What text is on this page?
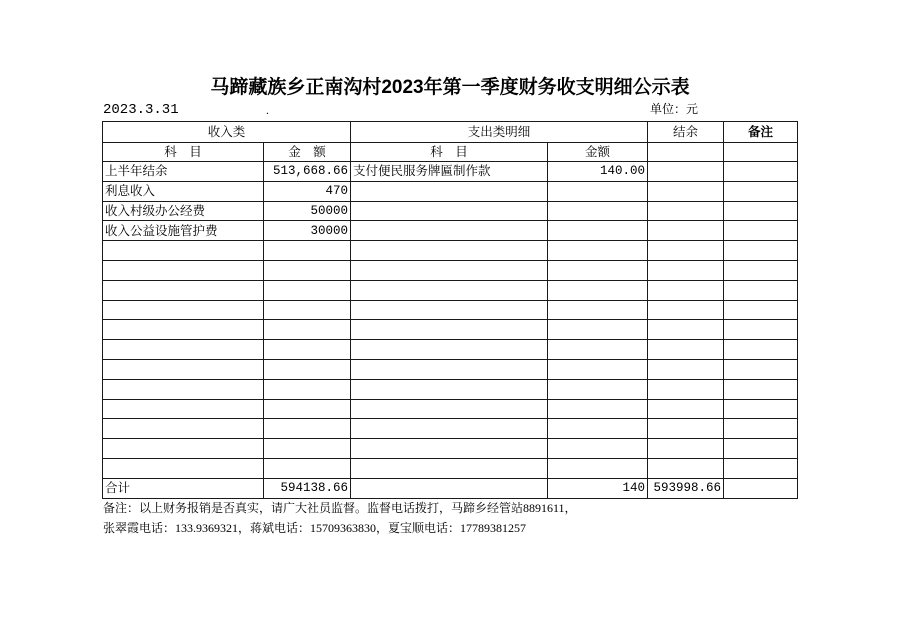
马蹄藏族乡正南沟村2023年第一季度财务收支明细公示表
2023.3.31	.	单位：元
收入类		支出类明细		结余	备注
科　目	金　额	科　目	金额		
上半年结余	513,668.66	支付便民服务牌匾制作款	140.00		
利息收入	470				
收入村级办公经费	50000				
收入公益设施管护费	30000				

合计	594138.66		140	593998.66	
备注：以上财务报销是否真实，请广大社员监督。监督电话拨打，马蹄乡经管站8891611，
张翠霞电话：133.9369321，蒋斌电话：15709363830，夏宝顺电话：17789381257
